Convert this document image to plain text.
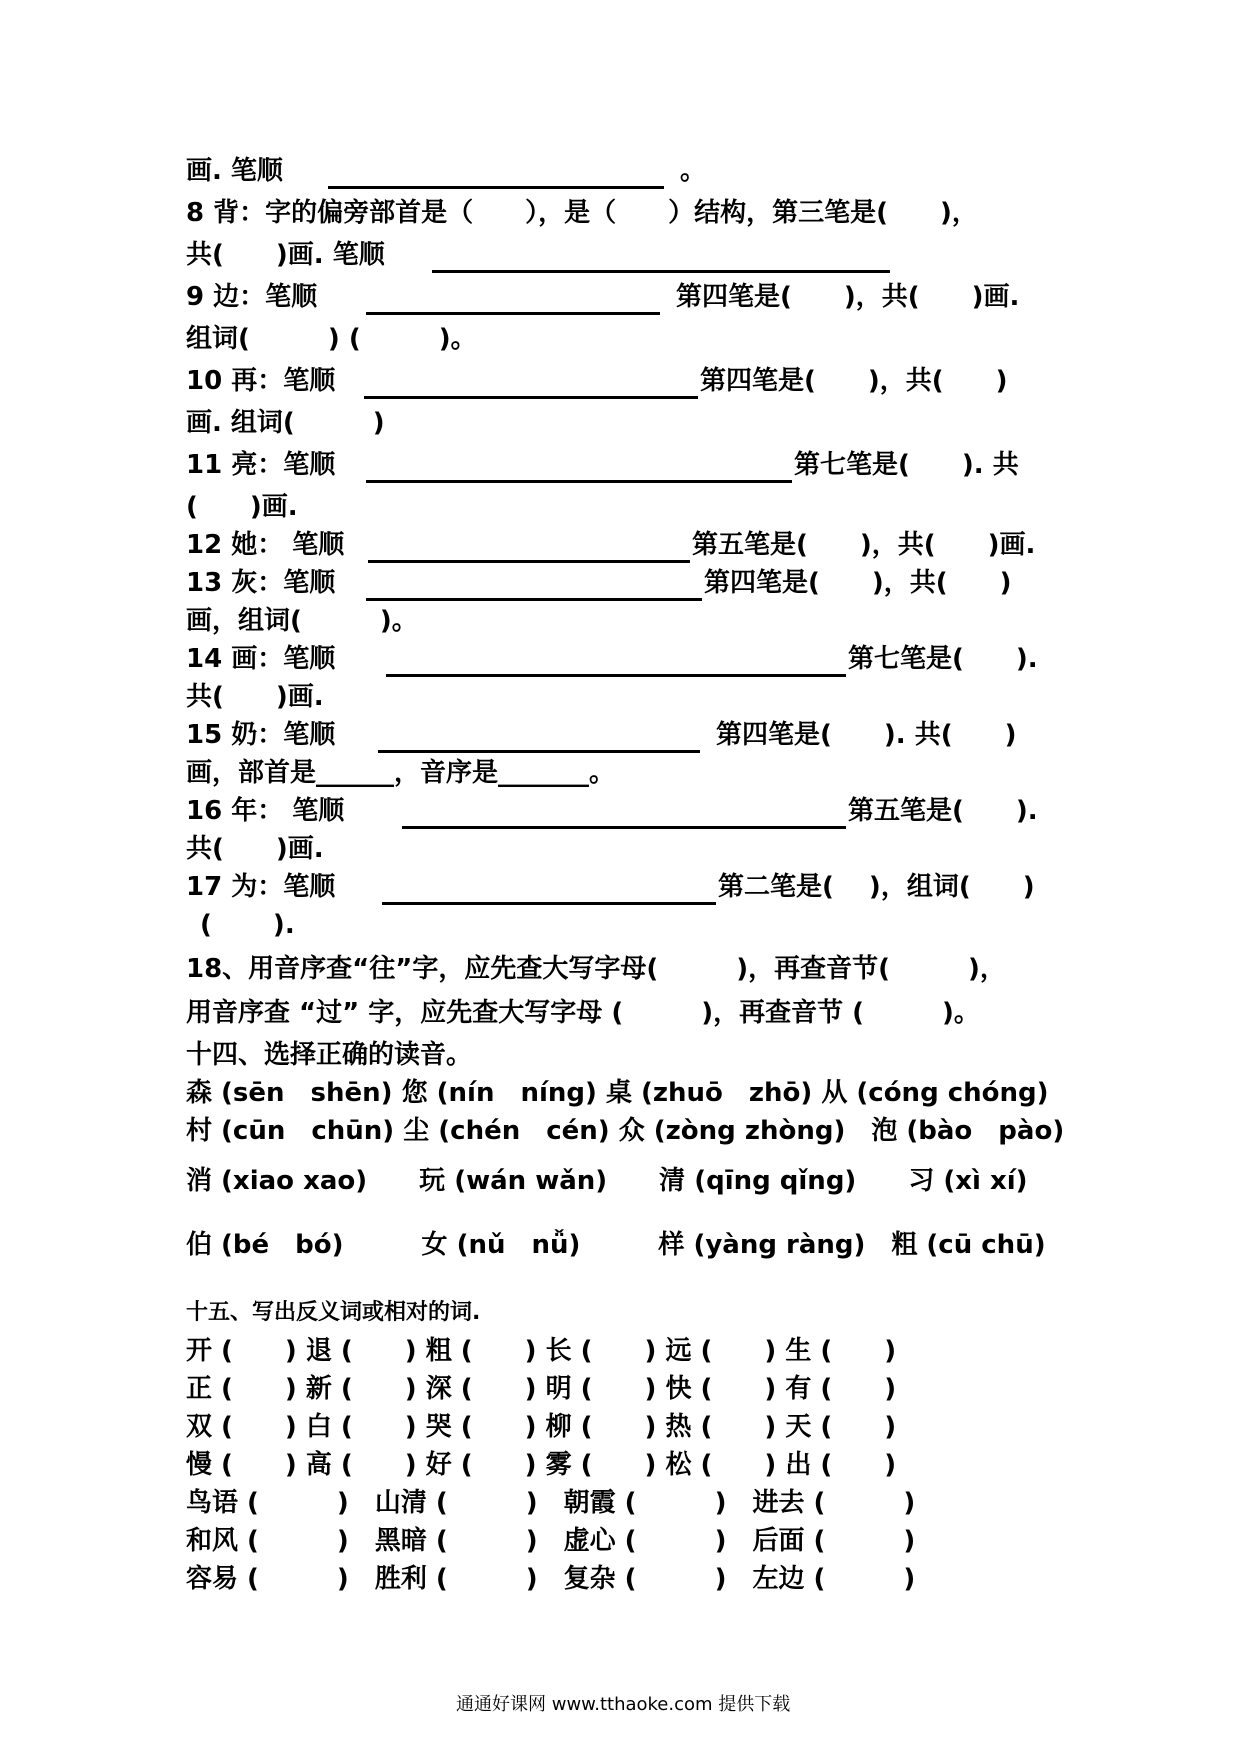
画. 笔顺	。
8 背：字的偏旁部首是（　　），是（　　）结构，第三笔是(　　)，
共(　　)画. 笔顺
9 边：笔顺	第四笔是(　　)，共(　　)画.
组词(　　　) (　　　)。
10 再：笔顺	第四笔是(　　)，共(　　)
画. 组词(　　　)
11 亮：笔顺	第七笔是(　　). 共
(　　)画.
12 她： 笔顺	第五笔是(　　)，共(　　)画.
13 灰：笔顺	第四笔是(　　)，共(　　)
画，组词(　　　)。
14 画：笔顺	第七笔是(　　).
共(　　)画.
15 奶：笔顺	第四笔是(　　). 共(　　)
画，部首是______，音序是_______。
16 年： 笔顺	第五笔是(　　).
共(　　)画.
17 为：笔顺	第二笔是(　 )，组词(　　)
(　　 ).
18、用音序查“往”字，应先查大写字母(　　　)，再查音节(　　　)，
用音序查 “过” 字，应先查大写字母 (　　　)，再查音节 (　　　)。
十四、选择正确的读音。
森 (sēn　shēn) 您 (nín　níng) 桌 (zhuō　zhō) 从 (cóng chóng)
村 (cūn　chūn) 尘 (chén　cén) 众 (zòng zhòng)　泡 (bào　pào)
消 (xiao xao)　　玩 (wán wǎn)　　清 (qīng qǐng)　　习 (xì xí)
伯 (bé　bó)　　　女 (nǔ　nǚ)　　　样 (yàng ràng)　粗 (cū chū)
十五、写出反义词或相对的词.
开 (　　) 退 (　　) 粗 (　　) 长 (　　) 远 (　　) 生 (　　)
正 (　　) 新 (　　) 深 (　　) 明 (　　) 快 (　　) 有 (　　)
双 (　　) 白 (　　) 哭 (　　) 柳 (　　) 热 (　　) 天 (　　)
慢 (　　) 高 (　　) 好 (　　) 雾 (　　) 松 (　　) 出 (　　)
鸟语 (　　　)　山清 (　　　)　朝霞 (　　　)　进去 (　　　)
和风 (　　　)　黑暗 (　　　)　虚心 (　　　)　后面 (　　　)
容易 (　　　)　胜利 (　　　)　复杂 (　　　)　左边 (　　　)
通通好课网 www.tthaoke.com 提供下载
